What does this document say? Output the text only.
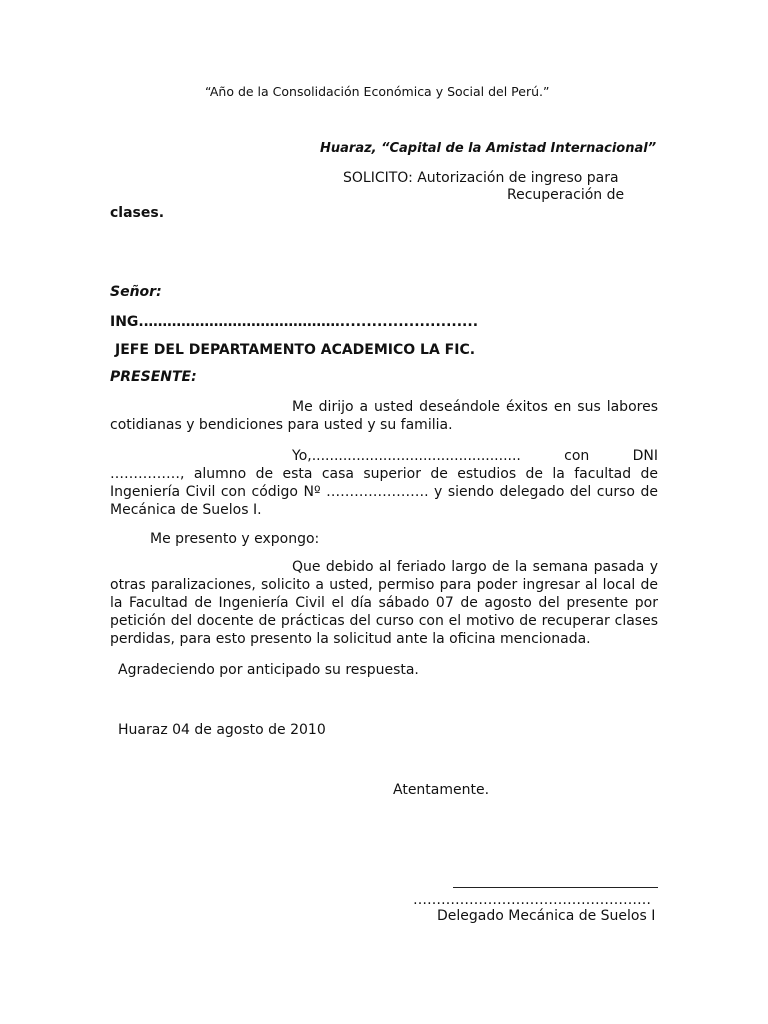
“Año de la Consolidación Económica y Social del Perú.”
Huaraz, “Capital de la Amistad Internacional”
SOLICITO: Autorización de ingreso para
Recuperación de
clases.
Señor:
ING.……………………………………..........................
JEFE DEL DEPARTAMENTO ACADEMICO LA FIC.
PRESENTE:
Me dirijo a usted deseándole éxitos en sus labores cotidianas y bendiciones para usted y su familia.
Yo,............................................... con DNI ……………, alumno de esta casa superior de estudios de la facultad de Ingeniería Civil con código Nº …………………. y siendo delegado del curso de Mecánica de Suelos I.
Me presento y expongo:
Que debido al feriado largo de la semana pasada y otras paralizaciones, solicito a usted, permiso para poder ingresar al local de la Facultad de Ingeniería Civil el día sábado 07 de agosto del presente por petición del docente de prácticas del curso con el motivo de recuperar clases perdidas, para esto presento la solicitud ante la oficina mencionada.
Agradeciendo por anticipado su respuesta.
Huaraz 04 de agosto de 2010
Atentamente.
……………………………………………
Delegado Mecánica de Suelos I
